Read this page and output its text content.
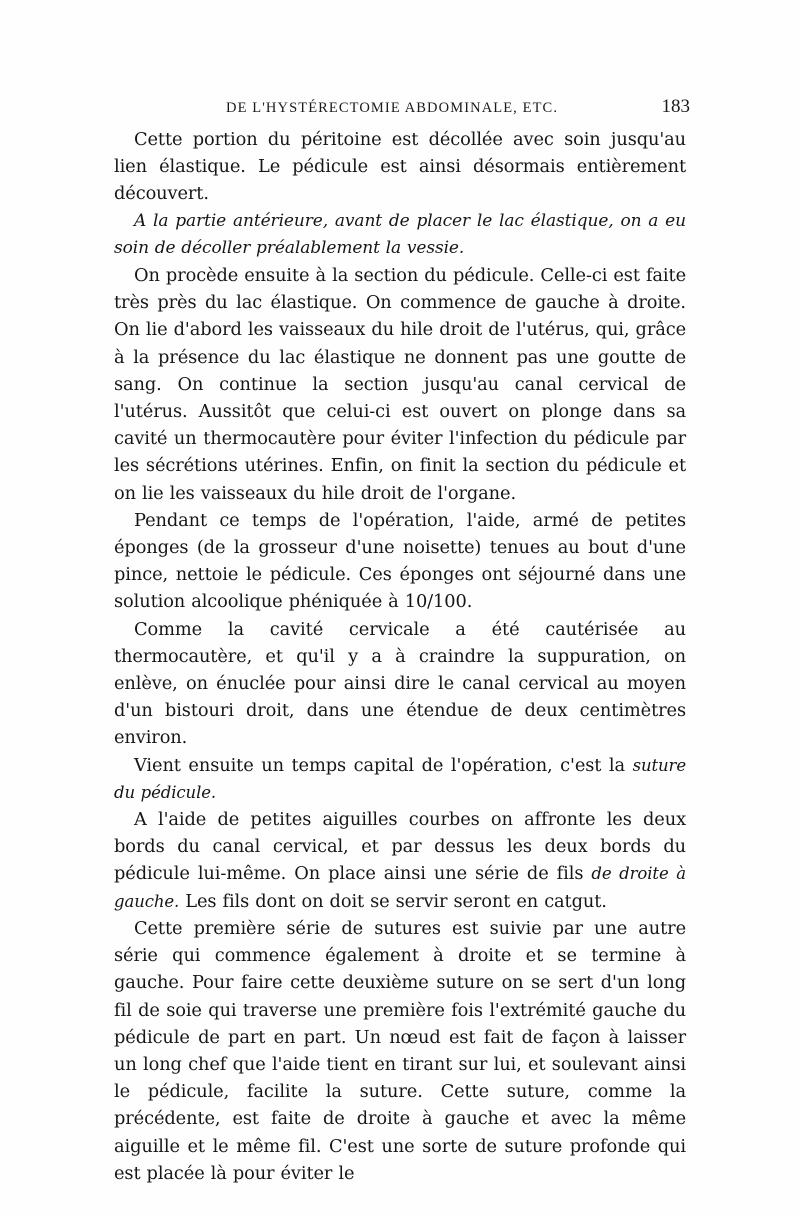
DE L'HYSTÉRECTOMIE ABDOMINALE, ETC.	183

Cette portion du péritoine est décollée avec soin jusqu'au lien élastique. Le pédicule est ainsi désormais entièrement découvert.

A la partie antérieure, avant de placer le lac élastique, on a eu soin de décoller préalablement la vessie.

On procède ensuite à la section du pédicule. Celle-ci est faite très près du lac élastique. On commence de gauche à droite. On lie d'abord les vaisseaux du hile droit de l'utérus, qui, grâce à la présence du lac élastique ne donnent pas une goutte de sang. On continue la section jusqu'au canal cervical de l'utérus. Aussitôt que celui-ci est ouvert on plonge dans sa cavité un thermocautère pour éviter l'infection du pédicule par les sécrétions utérines. Enfin, on finit la section du pédicule et on lie les vaisseaux du hile droit de l'organe.

Pendant ce temps de l'opération, l'aide, armé de petites éponges (de la grosseur d'une noisette) tenues au bout d'une pince, nettoie le pédicule. Ces éponges ont séjourné dans une solution alcoolique phéniquée à 10/100.

Comme la cavité cervicale a été cautérisée au thermocautère, et qu'il y a à craindre la suppuration, on enlève, on énuclée pour ainsi dire le canal cervical au moyen d'un bistouri droit, dans une étendue de deux centimètres environ.

Vient ensuite un temps capital de l'opération, c'est la suture du pédicule.

A l'aide de petites aiguilles courbes on affronte les deux bords du canal cervical, et par dessus les deux bords du pédicule lui-même. On place ainsi une série de fils de droite à gauche. Les fils dont on doit se servir seront en catgut.

Cette première série de sutures est suivie par une autre série qui commence également à droite et se termine à gauche. Pour faire cette deuxième suture on se sert d'un long fil de soie qui traverse une première fois l'extrémité gauche du pédicule de part en part. Un nœud est fait de façon à laisser un long chef que l'aide tient en tirant sur lui, et soulevant ainsi le pédicule, facilite la suture. Cette suture, comme la précédente, est faite de droite à gauche et avec la même aiguille et le même fil. C'est une sorte de suture profonde qui est placée là pour éviter le
